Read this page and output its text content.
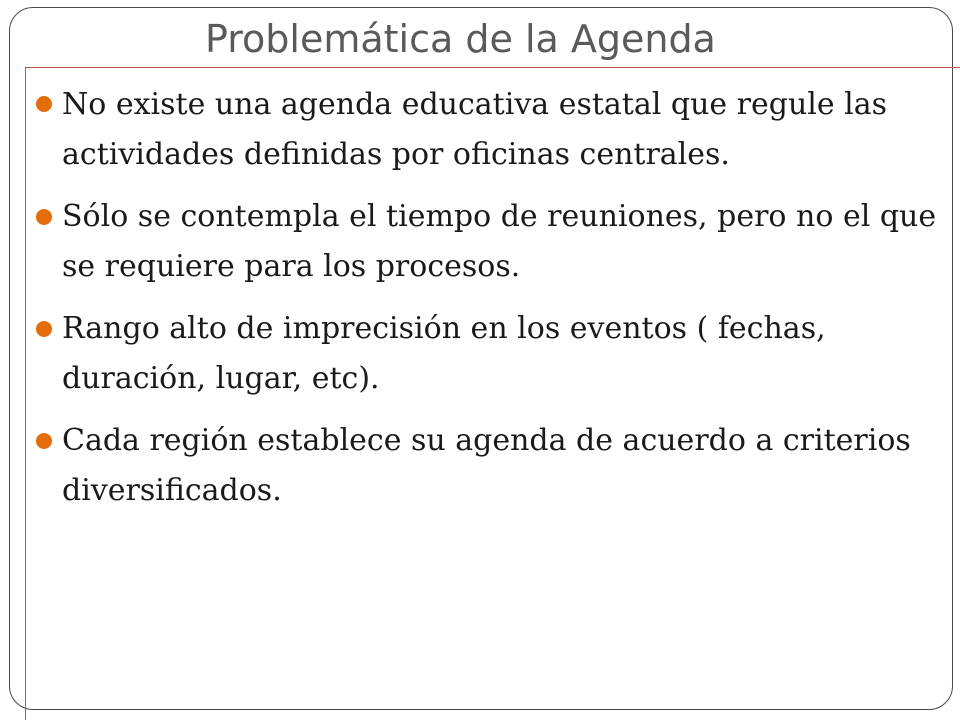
Problemática de la Agenda
No existe una agenda educativa estatal que regule las actividades definidas por oficinas centrales.
Sólo se contempla el tiempo de reuniones, pero no el que se requiere para los procesos.
Rango alto de imprecisión en los eventos ( fechas, duración, lugar, etc).
Cada región establece su agenda de acuerdo a criterios diversificados.
